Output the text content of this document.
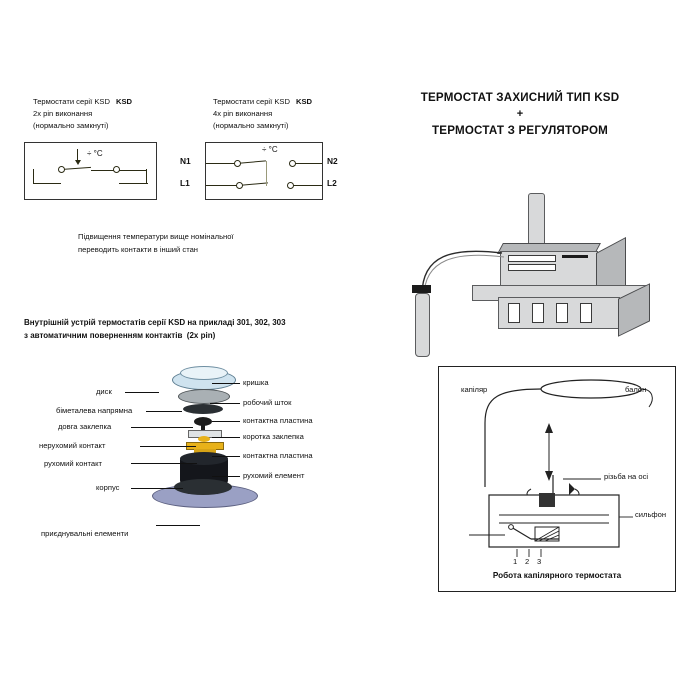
ТЕРМОСТАТ ЗАХИСНИЙ ТИП KSD
+
ТЕРМОСТАТ З РЕГУЛЯТОРОМ
Термостати серії KSD KSD
2х pin виконання
(нормально замкнуті)
÷ °C
Термостати серії KSD KSD
4х pin виконання
(нормально замкнуті)
÷ °C
N1	N2
L1	L2
Підвищення температури вище номінальної
переводить контакти в інший стан
Внутрішній устрій термостатів серії KSD на прикладі 301, 302, 303
з автоматичним поверненням контактів  (2х pin)
диск
біметалева напрямна
довга заклепка
нерухомий контакт
рухомий контакт
корпус
приєднувальні елементи
кришка
робочий шток
контактна пластина
коротка заклепка
контактна пластина
рухомий елемент
капіляр	балон
різьба на осі
сильфон
1 2 3
Робота капілярного термостата
